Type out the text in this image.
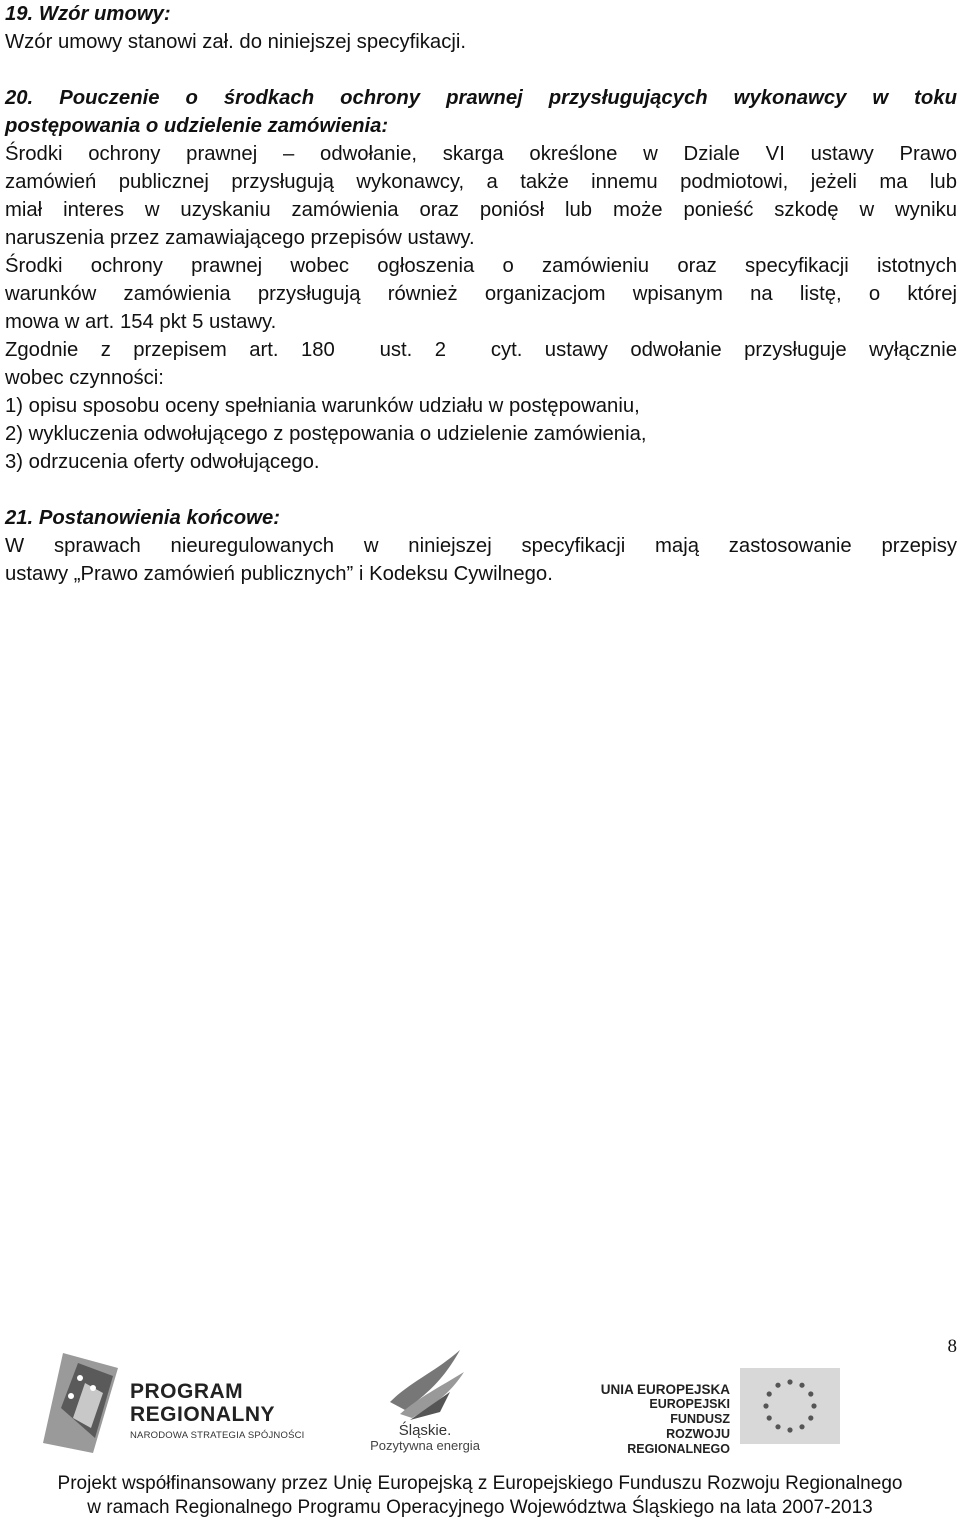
19. Wzór umowy:
Wzór umowy stanowi zał. do niniejszej specyfikacji.
20. Pouczenie o środkach ochrony prawnej przysługujących wykonawcy w toku
postępowania o udzielenie zamówienia:
Środki ochrony prawnej – odwołanie, skarga określone w Dziale VI ustawy Prawo
zamówień publicznej przysługują wykonawcy, a także innemu podmiotowi, jeżeli ma lub
miał interes w uzyskaniu zamówienia oraz poniósł lub może ponieść szkodę w wyniku
naruszenia przez zamawiającego przepisów ustawy.
Środki ochrony prawnej wobec ogłoszenia o zamówieniu oraz specyfikacji istotnych
warunków zamówienia przysługują również organizacjom wpisanym na listę, o której
mowa w art. 154 pkt 5 ustawy.
Zgodnie z przepisem art. 180  ust. 2  cyt. ustawy odwołanie przysługuje wyłącznie
wobec czynności:
1) opisu sposobu oceny spełniania warunków udziału w postępowaniu,
2) wykluczenia odwołującego z postępowania o udzielenie zamówienia,
3) odrzucenia oferty odwołującego.
21. Postanowienia końcowe:
W sprawach nieuregulowanych w niniejszej specyfikacji mają zastosowanie przepisy
ustawy „Prawo zamówień publicznych” i Kodeksu Cywilnego.
8
PROGRAM
REGIONALNY
NARODOWA STRATEGIA SPÓJNOŚCI	Śląskie.
Pozytywna energia
UNIA EUROPEJSKA
EUROPEJSKI FUNDUSZ
ROZWOJU REGIONALNEGO
Projekt współfinansowany przez Unię Europejską z Europejskiego Funduszu Rozwoju Regionalnego
w ramach Regionalnego Programu Operacyjnego Województwa Śląskiego na lata 2007-2013
